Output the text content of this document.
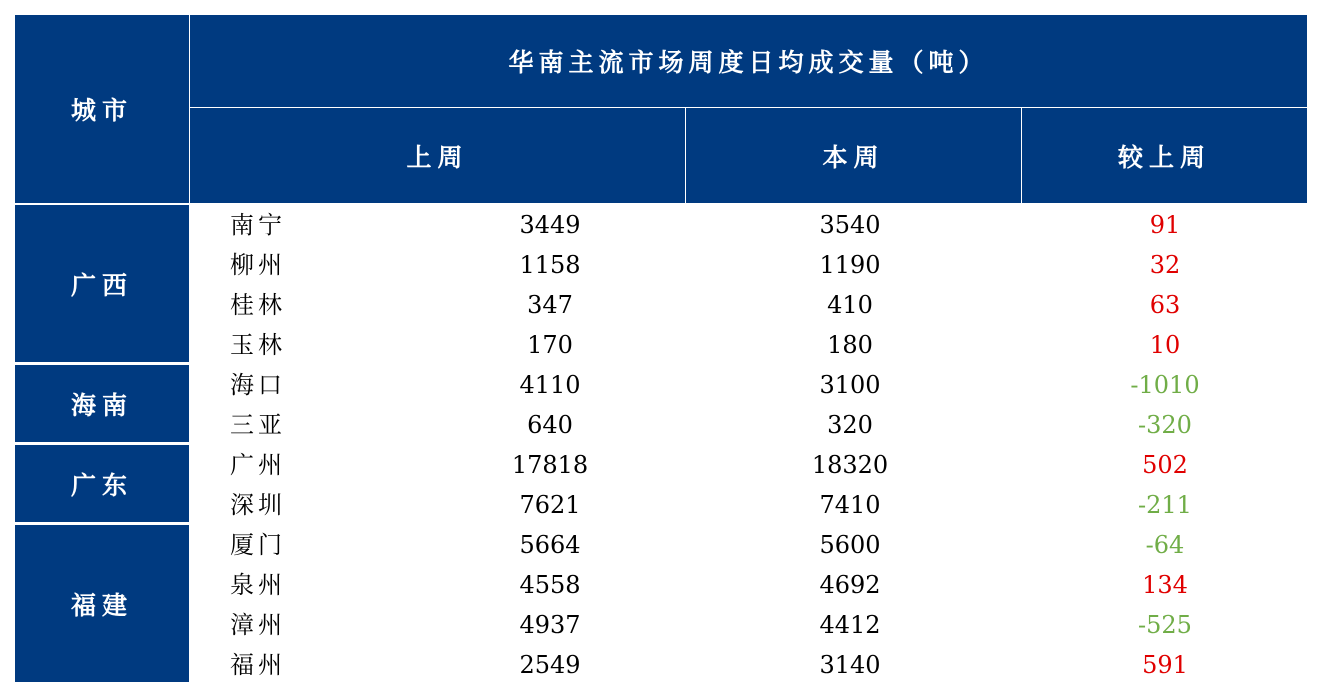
城市
华南主流市场周度日均成交量（吨）
上周	本周	较上周
广西
南宁	3449	3540	91
柳州	1158	1190	32
桂林	347	410	63
玉林	170	180	10
海南
海口	4110	3100	-1010
三亚	640	320	-320
广东
广州	17818	18320	502
深圳	7621	7410	-211
福建
厦门	5664	5600	-64
泉州	4558	4692	134
漳州	4937	4412	-525
福州	2549	3140	591
